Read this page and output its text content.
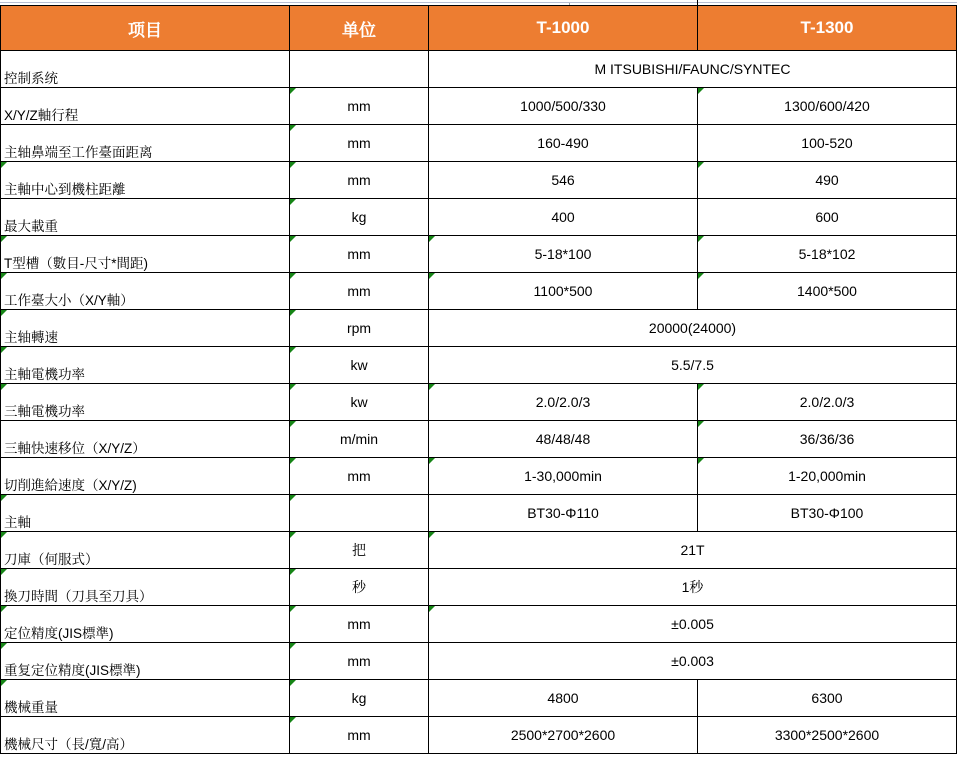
项目	单位	T-1000	T-1300
控制系统		M ITSUBISHI/FAUNC/SYNTEC	
X/Y/Z軸行程	mm	1000/500/330	1300/600/420
主轴鼻端至工作臺面距离	mm	160-490	100-520
主軸中心到機柱距離	mm	546	490
最大載重	kg	400	600
T型槽（數目-尺寸*間距)	mm	5-18*100	5-18*102
工作臺大小（X/Y軸）	mm	1100*500	1400*500
主轴轉速	rpm	20000(24000)	
主軸電機功率	kw	5.5/7.5	
三軸電機功率	kw	2.0/2.0/3	2.0/2.0/3
三軸快速移位（X/Y/Z）	m/min	48/48/48	36/36/36
切削進給速度（X/Y/Z)	mm	1-30,000min	1-20,000min
主軸		BT30-Φ110	BT30-Φ100
刀庫（何服式）	把	21T	
換刀時間（刀具至刀具）	秒	1秒	
定位精度(JIS標準)	mm	±0.005	
重复定位精度(JIS標準)	mm	±0.003	
機械重量	kg	4800	6300
機械尺寸（長/寬/高）	mm	2500*2700*2600	3300*2500*2600
